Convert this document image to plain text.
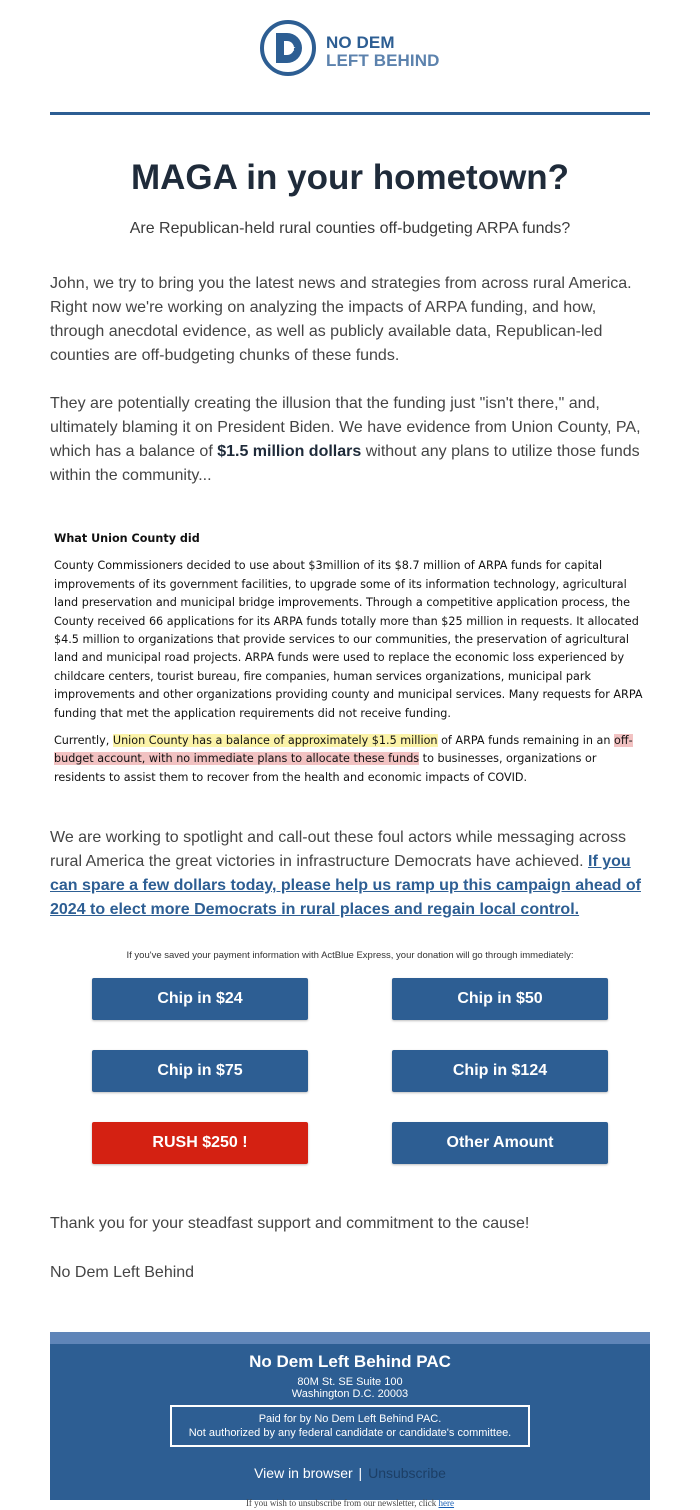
★ NO DEM
LEFT BEHIND
MAGA in your hometown?
Are Republican-held rural counties off-budgeting ARPA funds?
John, we try to bring you the latest news and strategies from across rural America. Right now we're working on analyzing the impacts of ARPA funding, and how, through anecdotal evidence, as well as publicly available data, Republican-led counties are off-budgeting chunks of these funds.
They are potentially creating the illusion that the funding just "isn't there," and, ultimately blaming it on President Biden. We have evidence from Union County, PA, which has a balance of $1.5 million dollars without any plans to utilize those funds within the community...
What Union County did

County Commissioners decided to use about $3million of its $8.7 million of ARPA funds for capital improvements of its government facilities, to upgrade some of its information technology, agricultural land preservation and municipal bridge improvements. Through a competitive application process, the County received 66 applications for its ARPA funds totally more than $25 million in requests. It allocated $4.5 million to organizations that provide services to our communities, the preservation of agricultural land and municipal road projects. ARPA funds were used to replace the economic loss experienced by childcare centers, tourist bureau, fire companies, human services organizations, municipal park improvements and other organizations providing county and municipal services. Many requests for ARPA funding that met the application requirements did not receive funding.

Currently, Union County has a balance of approximately $1.5 million of ARPA funds remaining in an off-budget account, with no immediate plans to allocate these funds to businesses, organizations or residents to assist them to recover from the health and economic impacts of COVID.

We are working to spotlight and call-out these foul actors while messaging across rural America the great victories in infrastructure Democrats have achieved. If you can spare a few dollars today, please help us ramp up this campaign ahead of 2024 to elect more Democrats in rural places and regain local control.
If you've saved your payment information with ActBlue Express, your donation will go through immediately:
Chip in $24	Chip in $50
Chip in $75	Chip in $124
RUSH $250 !	Other Amount
Thank you for your steadfast support and commitment to the cause!
No Dem Left Behind
No Dem Left Behind PAC
80M St. SE Suite 100
Washington D.C. 20003
Paid for by No Dem Left Behind PAC.
Not authorized by any federal candidate or candidate's committee.
View in browser | Unsubscribe
If you wish to unsubscribe from our newsletter, click here
